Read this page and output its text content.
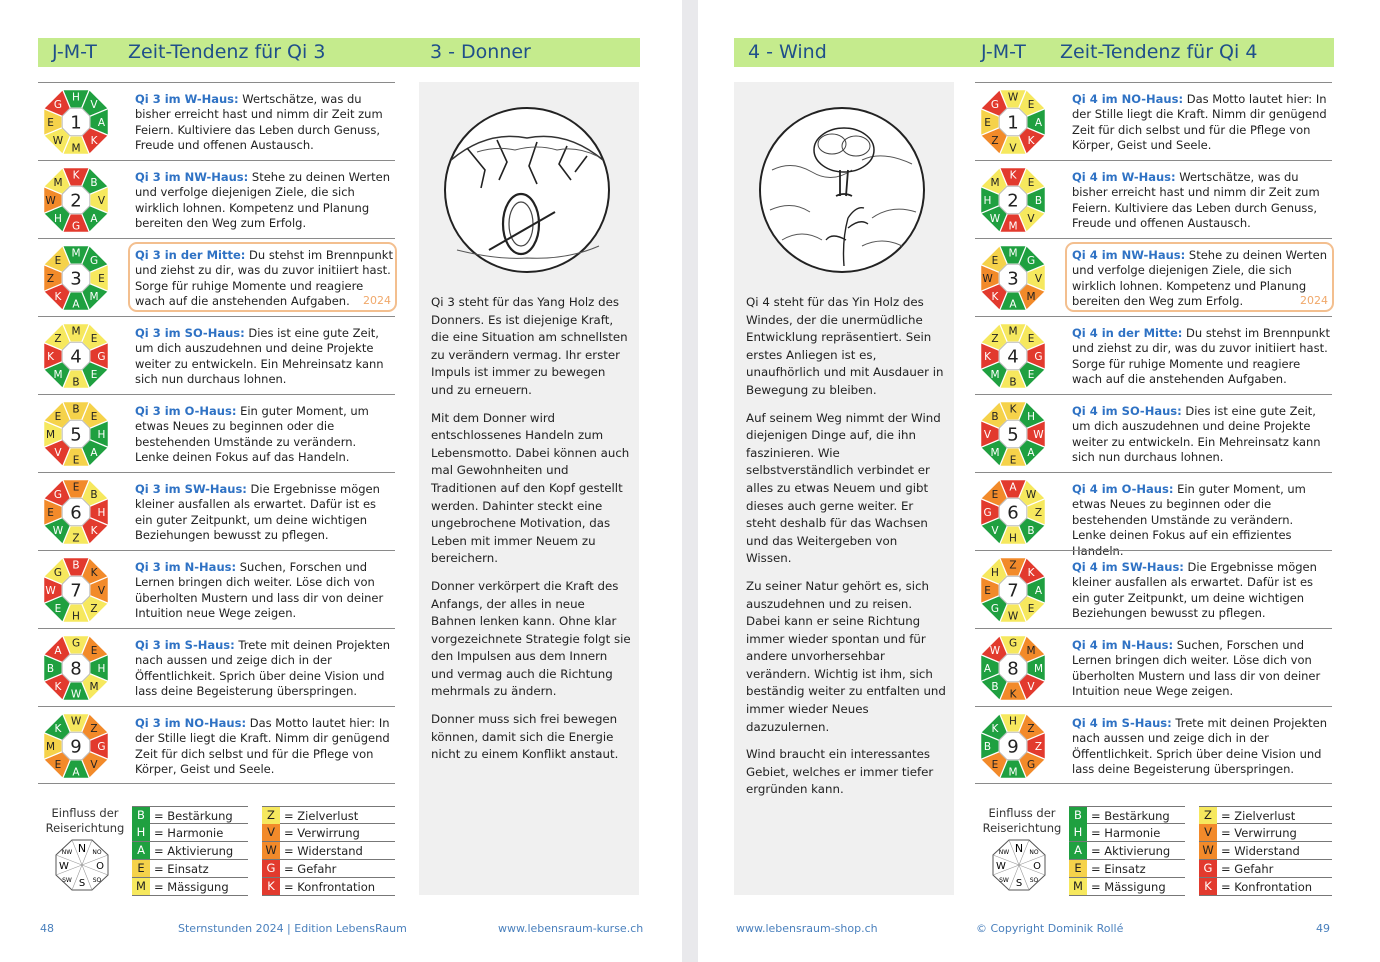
J-M-T Zeit-Tendenz für Qi 3	3 - Donner
H
V
A
K
M
W
E
G
1
Qi 3 im W-Haus: Wertschätze, was du bisher erreicht hast und nimm dir Zeit zum Feiern. Kultiviere das Leben durch Genuss, Freude und offenen Austausch.
K
B
V
A
G
H
W
M
2
Qi 3 im NW-Haus: Stehe zu deinen Werten und verfolge diejenigen Ziele, die sich wirklich lohnen. Kompetenz und Planung bereiten den Weg zum Erfolg.
M
G
E
M
A
K
Z
E
3
2024
Qi 3 in der Mitte: Du stehst im Brennpunkt und ziehst zu dir, was du zuvor initiiert hast. Sorge für ruhige Momente und reagiere wach auf die anstehenden Aufgaben.
M
E
G
E
B
M
K
Z
4
Qi 3 im SO-Haus: Dies ist eine gute Zeit, um dich auszudehnen und deine Projekte weiter zu entwickeln. Ein Mehreinsatz kann sich nun durchaus lohnen.
B
E
H
A
E
V
M
E
5
Qi 3 im O-Haus: Ein guter Moment, um etwas Neues zu beginnen oder die bestehenden Umstände zu verändern. Lenke deinen Fokus auf das Handeln.
E
B
H
K
Z
W
E
G
6
Qi 3 im SW-Haus: Die Ergebnisse mögen kleiner ausfallen als erwartet. Dafür ist es ein guter Zeitpunkt, um deine wichtigen Beziehungen bewusst zu pflegen.
B
K
V
Z
H
E
W
G
7
Qi 3 im N-Haus: Suchen, Forschen und Lernen bringen dich weiter. Löse dich von überholten Mustern und lass dir von deiner Intuition neue Wege zeigen.
G
E
H
M
W
K
B
A
8
Qi 3 im S-Haus: Trete mit deinen Projekten nach aussen und zeige dich in der Öffentlichkeit. Sprich über deine Vision und lass deine Begeisterung überspringen.
W
Z
G
V
A
E
M
K
9
Qi 3 im NO-Haus: Das Motto lautet hier: In der Stille liegt die Kraft. Nimm dir genügend Zeit für dich selbst und für die Pflege von Körper, Geist und Seele.

Qi 3 steht für das Yang Holz des Donners. Es ist diejenige Kraft, die eine Situation am schnellsten zu verändern vermag. Ihr erster Impuls ist immer zu bewegen und zu erneuern.

Mit dem Donner wird entschlossenes Handeln zum Lebensmotto. Dabei können auch mal Gewohnheiten und Traditionen auf den Kopf gestellt werden. Dahinter steckt eine ungebrochene Motivation, das Leben mit immer Neuem zu bereichern.

Donner verkörpert die Kraft des Anfangs, der alles in neue Bahnen lenken kann. Ohne klar vorgezeichnete Strategie folgt sie den Impulsen aus dem Innern und vermag auch die Richtung mehrmals zu ändern.

Donner muss sich frei bewegen können, damit sich die Energie nicht zu einem Konflikt anstaut.

Einfluss der
Reiserichtung
N
NW	NO
W	O
SW S SO
B = Bestärkung
H = Harmonie
A = Aktivierung
E = Einsatz
M = Mässigung
Z = Zielverlust
V = Verwirrung
W = Widerstand
G = Gefahr
K = Konfrontation
48	Sternstunden 2024 | Edition LebensRaum	www.lebensraum-kurse.ch
4 - Wind	J-M-T Zeit-Tendenz für Qi 4
W
E
A
K
V
Z
E
G
1
Qi 4 im NO-Haus: Das Motto lautet hier: In der Stille liegt die Kraft. Nimm dir genügend Zeit für dich selbst und für die Pflege von Körper, Geist und Seele.
K
E
B
V
M
W
H
M
2
Qi 4 im W-Haus: Wertschätze, was du bisher erreicht hast und nimm dir Zeit zum Feiern. Kultiviere das Leben durch Genuss, Freude und offenen Austausch.
M
G
V
M
A
K
W
E
3
2024
Qi 4 im NW-Haus: Stehe zu deinen Werten und verfolge diejenigen Ziele, die sich wirklich lohnen. Kompetenz und Planung bereiten den Weg zum Erfolg.
M
E
G
E
B
M
K
Z
4
Qi 4 in der Mitte: Du stehst im Brennpunkt und ziehst zu dir, was du zuvor initiiert hast. Sorge für ruhige Momente und reagiere wach auf die anstehenden Aufgaben.
K
H
W
A
E
M
V
B
5
Qi 4 im SO-Haus: Dies ist eine gute Zeit, um dich auszudehnen und deine Projekte weiter zu entwickeln. Ein Mehreinsatz kann sich nun durchaus lohnen.
A
W
Z
B
H
V
G
E
6
Qi 4 im O-Haus: Ein guter Moment, um etwas Neues zu beginnen oder die bestehenden Umstände zu verändern. Lenke deinen Fokus auf ein effizientes Handeln.
Z
K
A
E
W
G
E
H
7
Qi 4 im SW-Haus: Die Ergebnisse mögen kleiner ausfallen als erwartet. Dafür ist es ein guter Zeitpunkt, um deine wichtigen Beziehungen bewusst zu pflegen.
G
M
M
V
K
B
A
W
8
Qi 4 im N-Haus: Suchen, Forschen und Lernen bringen dich weiter. Löse dich von überholten Mustern und lass dir von deiner Intuition neue Wege zeigen.
H
Z
Z
G
M
E
B
K
9
Qi 4 im S-Haus: Trete mit deinen Projekten nach aussen und zeige dich in der Öffentlichkeit. Sprich über deine Vision und lass deine Begeisterung überspringen.

Qi 4 steht für das Yin Holz des Windes, der die unermüdliche Entwicklung repräsentiert. Sein erstes Anliegen ist es, unaufhörlich und mit Ausdauer in Bewegung zu bleiben.

Auf seinem Weg nimmt der Wind diejenigen Dinge auf, die ihn faszinieren. Wie selbstverständlich verbindet er alles zu etwas Neuem und gibt dieses auch gerne weiter. Er steht deshalb für das Wachsen und das Weitergeben von Wissen.

Zu seiner Natur gehört es, sich auszudehnen und zu reisen. Dabei kann er seine Richtung immer wieder spontan und für andere unvorhersehbar verändern. Wichtig ist ihm, sich beständig weiter zu entfalten und immer wieder Neues dazuzulernen.

Wind braucht ein interessantes Gebiet, welches er immer tiefer ergründen kann.

Einfluss der
Reiserichtung
N
NW	NO
W	O
SW S SO
B = Bestärkung
H = Harmonie
A = Aktivierung
E = Einsatz
M = Mässigung
Z = Zielverlust
V = Verwirrung
W = Widerstand
G = Gefahr
K = Konfrontation
www.lebensraum-shop.ch	© Copyright Dominik Rollé	49
